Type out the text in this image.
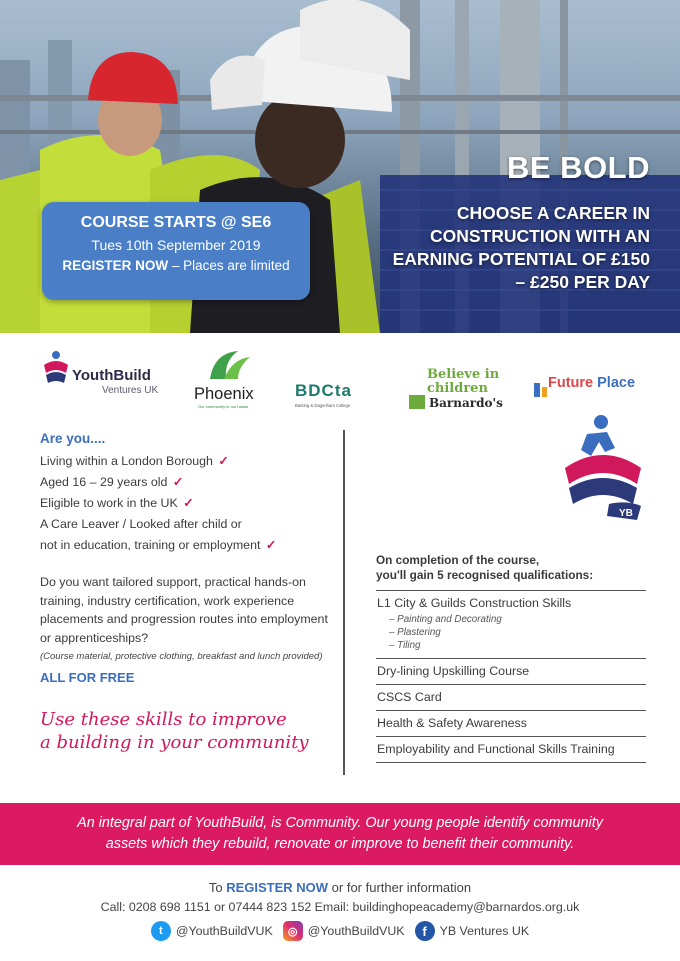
COURSE STARTS @ SE6
Tues 10th September 2019
REGISTER NOW – Places are limited
BE BOLD
CHOOSE A CAREER IN CONSTRUCTION WITH AN EARNING POTENTIAL OF £150 – £250 PER DAY
YouthBuild
Ventures UK Phoenix
Our community in our hands
BDCta
Barking & Dagenham College
Believe in
children
Barnardo's
Future Place
Are you....
Living within a London Borough ✓
Aged 16 – 29 years old ✓
Eligible to work in the UK ✓
A Care Leaver / Looked after child or
not in education, training or employment ✓
Do you want tailored support, practical hands-on training, industry certification, work experience placements and progression routes into employment or apprenticeships?
(Course material, protective clothing, breakfast and lunch provided)
ALL FOR FREE
Use these skills to improve
a building in your community
YB
On completion of the course,
you'll gain 5 recognised qualifications:
L1 City & Guilds Construction Skills
– Painting and Decorating
– Plastering
– Tiling
Dry-lining Upskilling Course
CSCS Card
Health & Safety Awareness
Employability and Functional Skills Training
An integral part of YouthBuild, is Community. Our young people identify community
assets which they rebuild, renovate or improve to benefit their community.
To REGISTER NOW or for further information
Call: 0208 698 1151 or 07444 823 152 Email: buildinghopeacademy@barnardos.org.uk
t	@YouthBuildVUK	◎ @YouthBuildVUK	f	YB Ventures UK
